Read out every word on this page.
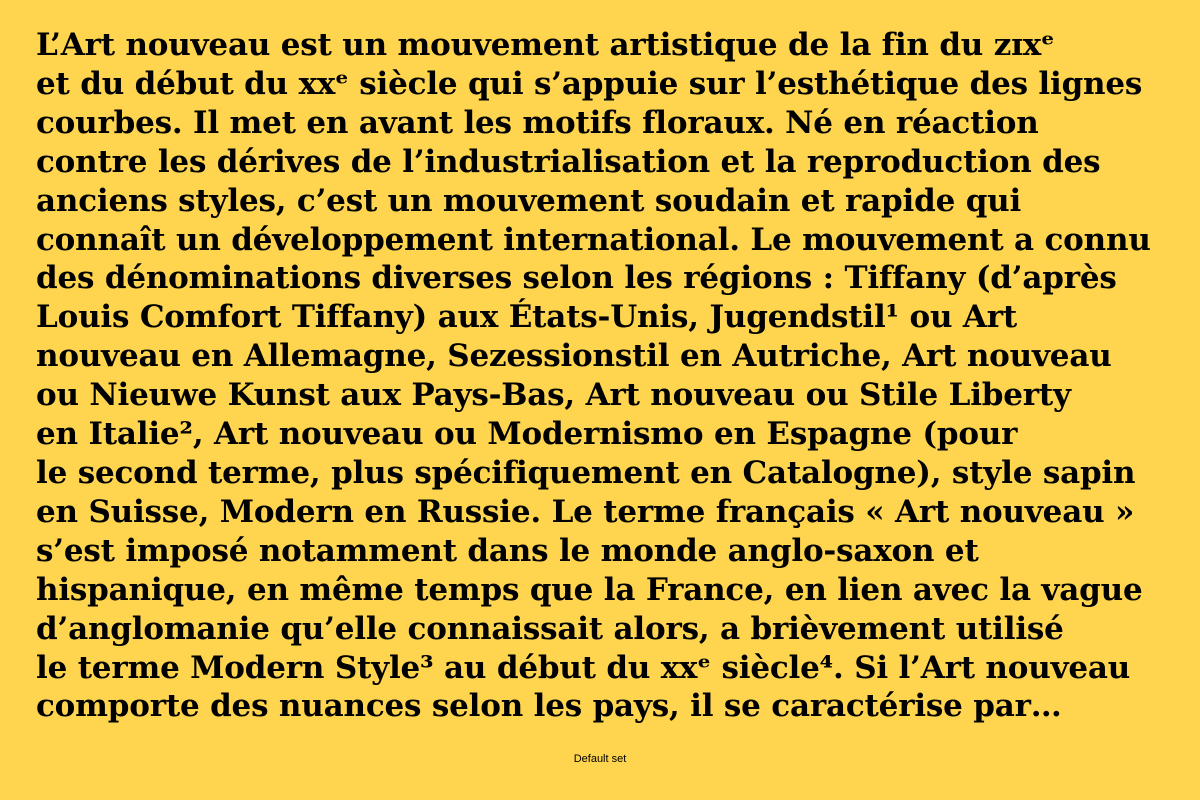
L’Art nouveau est un mouvement artistique de la fin du ᴢɪxᵉ
et du début du xxᵉ siècle qui s’appuie sur l’esthétique des lignes
courbes. Il met en avant les motifs floraux. Né en réaction
contre les dérives de l’industrialisation et la reproduction des
anciens styles, c’est un mouvement soudain et rapide qui
connaît un développement international. Le mouvement a connu
des dénominations diverses selon les régions : Tiffany (d’après
Louis Comfort Tiffany) aux États-Unis, Jugendstil¹ ou Art
nouveau en Allemagne, Sezessionstil en Autriche, Art nouveau
ou Nieuwe Kunst aux Pays-Bas, Art nouveau ou Stile Liberty
en Italie², Art nouveau ou Modernismo en Espagne (pour
le second terme, plus spécifiquement en Catalogne), style sapin
en Suisse, Modern en Russie. Le terme français « Art nouveau »
s’est imposé notamment dans le monde anglo-saxon et
hispanique, en même temps que la France, en lien avec la vague
d’anglomanie qu’elle connaissait alors, a brièvement utilisé
le terme Modern Style³ au début du xxᵉ siècle⁴. Si l’Art nouveau
comporte des nuances selon les pays, il se caractérise par…
Default set
